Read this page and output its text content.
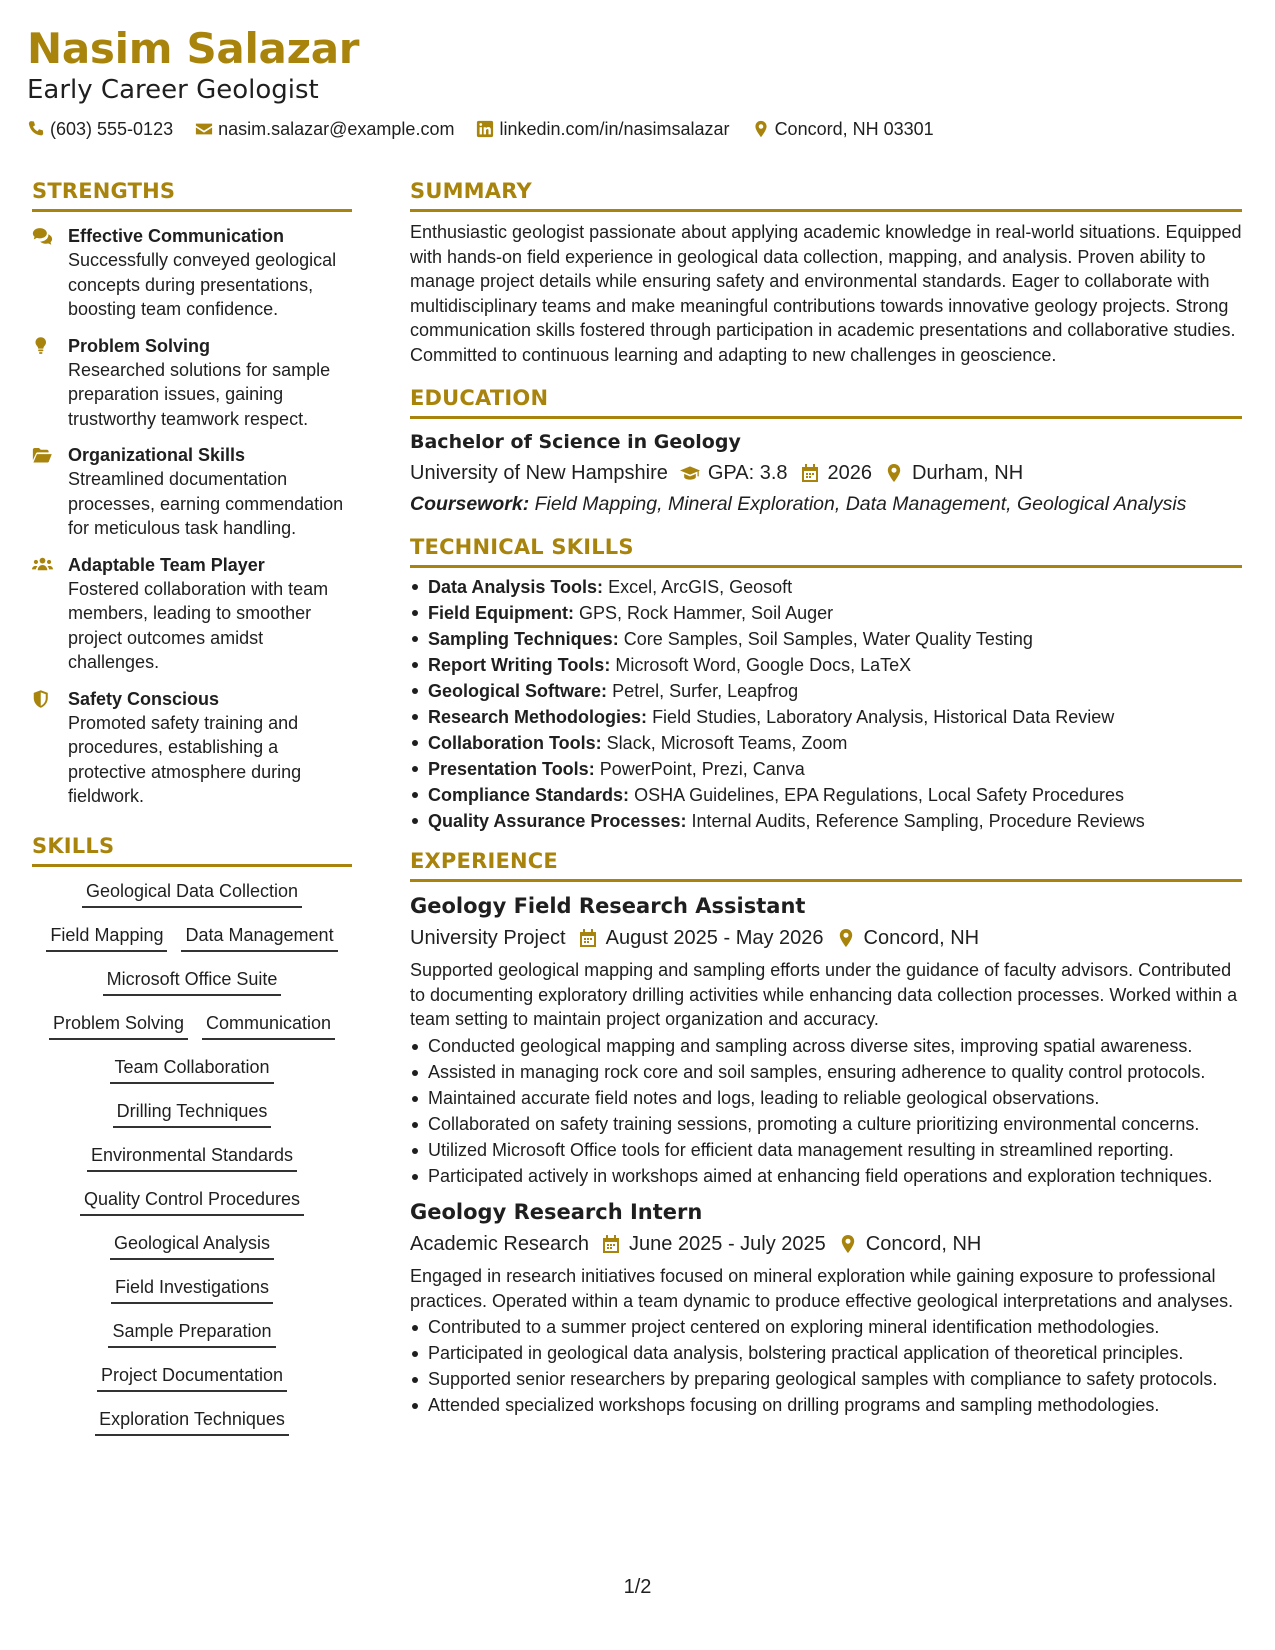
Nasim Salazar
Early Career Geologist
(603) 555-0123	nasim.salazar@example.com	linkedin.com/in/nasimsalazar	Concord, NH 03301
STRENGTHS
Effective Communication
Successfully conveyed geological concepts during presentations, boosting team confidence.
Problem Solving
Researched solutions for sample preparation issues, gaining trustworthy teamwork respect.
Organizational Skills
Streamlined documentation processes, earning commendation for meticulous task handling.
Adaptable Team Player
Fostered collaboration with team members, leading to smoother project outcomes amidst challenges.
Safety Conscious
Promoted safety training and procedures, establishing a protective atmosphere during fieldwork.
SKILLS
Geological Data Collection
Field Mapping Data Management
Microsoft Office Suite
Problem Solving Communication
Team Collaboration
Drilling Techniques
Environmental Standards
Quality Control Procedures
Geological Analysis
Field Investigations
Sample Preparation
Project Documentation
Exploration Techniques
SUMMARY
Enthusiastic geologist passionate about applying academic knowledge in real-world situations. Equipped with hands-on field experience in geological data collection, mapping, and analysis. Proven ability to manage project details while ensuring safety and environmental standards. Eager to collaborate with multidisciplinary teams and make meaningful contributions towards innovative geology projects. Strong communication skills fostered through participation in academic presentations and collaborative studies. Committed to continuous learning and adapting to new challenges in geoscience.
EDUCATION
Bachelor of Science in Geology
University of New Hampshire GPA: 3.8 2026 Durham, NH
Coursework: Field Mapping, Mineral Exploration, Data Management, Geological Analysis
TECHNICAL SKILLS
Data Analysis Tools: Excel, ArcGIS, Geosoft
Field Equipment: GPS, Rock Hammer, Soil Auger
Sampling Techniques: Core Samples, Soil Samples, Water Quality Testing
Report Writing Tools: Microsoft Word, Google Docs, LaTeX
Geological Software: Petrel, Surfer, Leapfrog
Research Methodologies: Field Studies, Laboratory Analysis, Historical Data Review
Collaboration Tools: Slack, Microsoft Teams, Zoom
Presentation Tools: PowerPoint, Prezi, Canva
Compliance Standards: OSHA Guidelines, EPA Regulations, Local Safety Procedures
Quality Assurance Processes: Internal Audits, Reference Sampling, Procedure Reviews
EXPERIENCE
Geology Field Research Assistant
University Project August 2025 - May 2026 Concord, NH
Supported geological mapping and sampling efforts under the guidance of faculty advisors. Contributed to documenting exploratory drilling activities while enhancing data collection processes. Worked within a team setting to maintain project organization and accuracy.
Conducted geological mapping and sampling across diverse sites, improving spatial awareness.
Assisted in managing rock core and soil samples, ensuring adherence to quality control protocols.
Maintained accurate field notes and logs, leading to reliable geological observations.
Collaborated on safety training sessions, promoting a culture prioritizing environmental concerns.
Utilized Microsoft Office tools for efficient data management resulting in streamlined reporting.
Participated actively in workshops aimed at enhancing field operations and exploration techniques.
Geology Research Intern
Academic Research June 2025 - July 2025 Concord, NH
Engaged in research initiatives focused on mineral exploration while gaining exposure to professional practices. Operated within a team dynamic to produce effective geological interpretations and analyses.
Contributed to a summer project centered on exploring mineral identification methodologies.
Participated in geological data analysis, bolstering practical application of theoretical principles.
Supported senior researchers by preparing geological samples with compliance to safety protocols.
Attended specialized workshops focusing on drilling programs and sampling methodologies.
1/2
